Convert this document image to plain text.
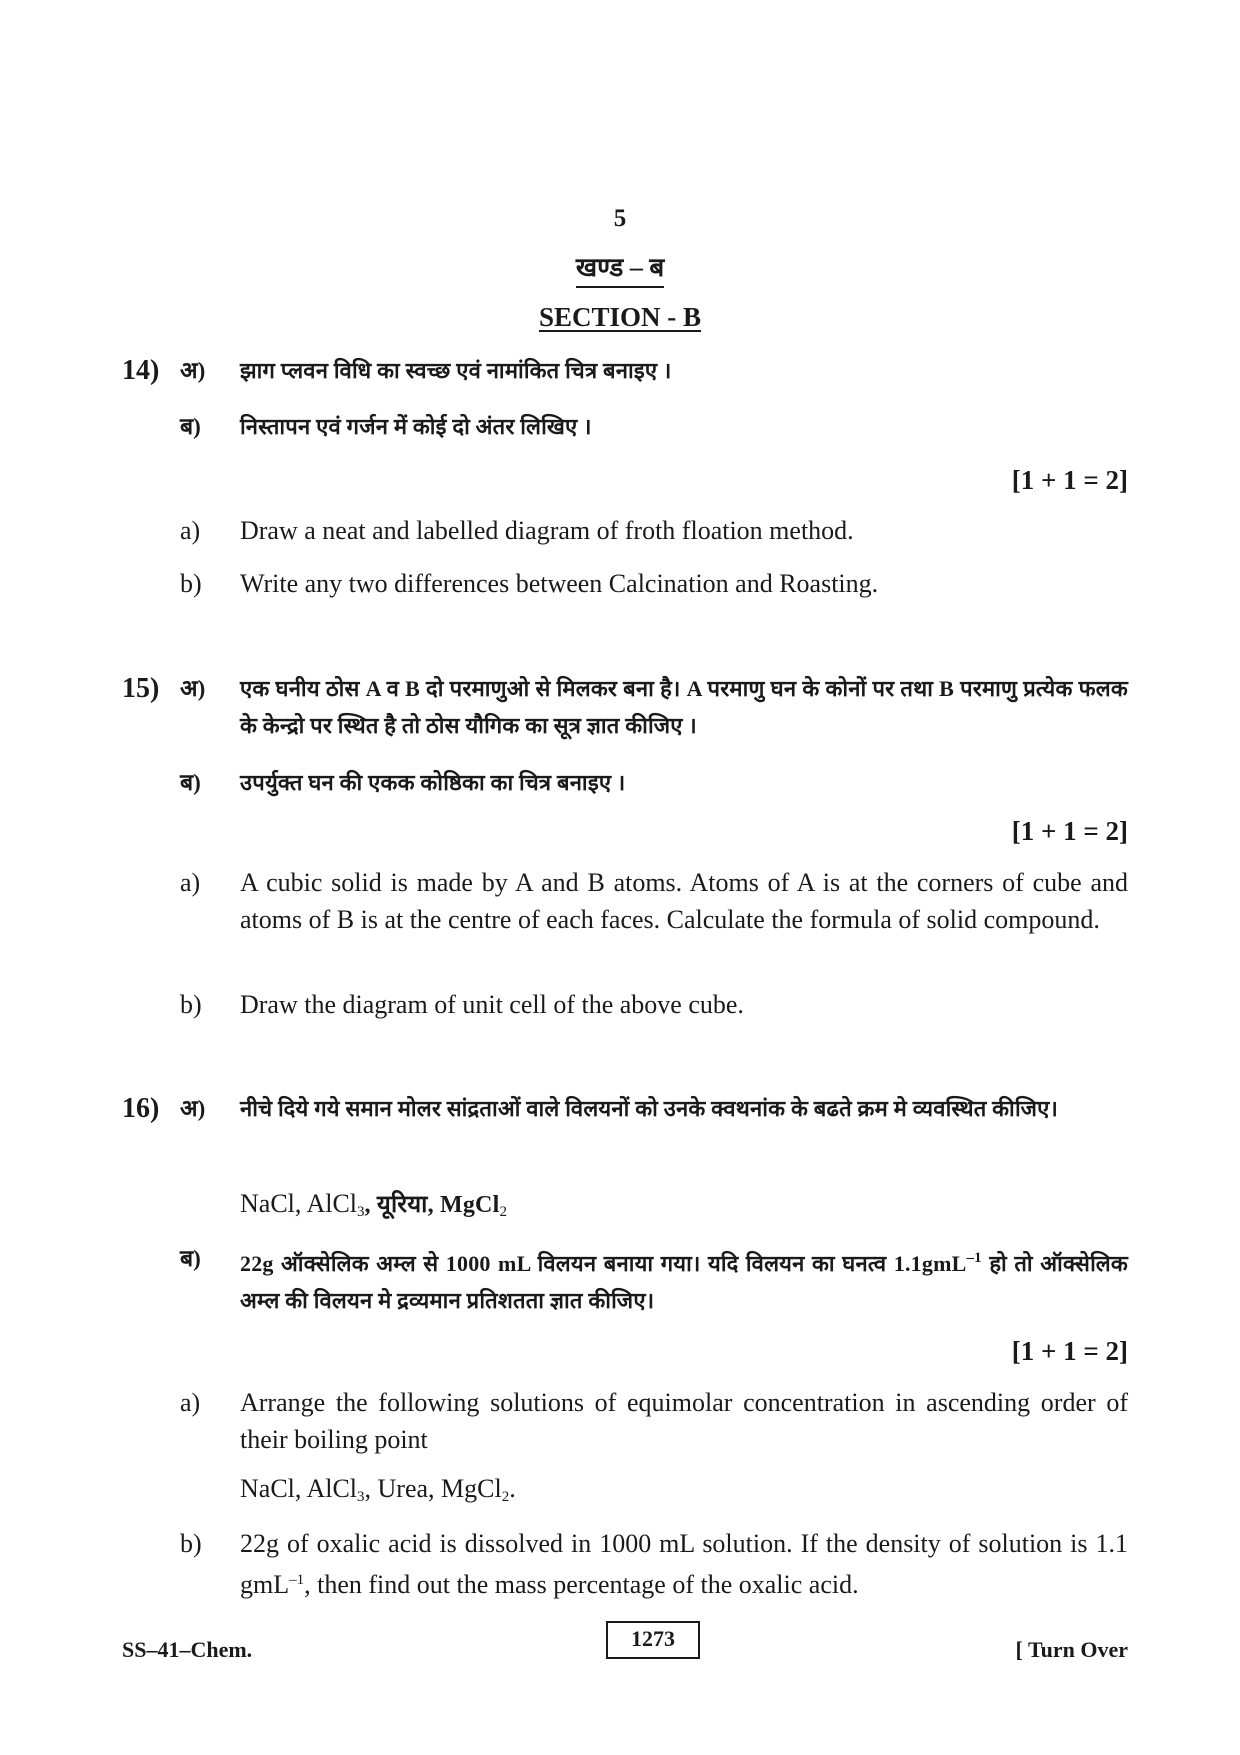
5
खण्ड – ब
SECTION - B
14) अ) झाग प्लवन विधि का स्वच्छ एवं नामांकित चित्र बनाइए ।
ब) निस्तापन एवं गर्जन में कोई दो अंतर लिखिए ।
[1 + 1 = 2]
a) Draw a neat and labelled diagram of froth floation method.
b) Write any two differences between Calcination and Roasting.
15) अ) एक घनीय ठोस A व B दो परमाणुओ से मिलकर बना है। A परमाणु घन के कोनों पर तथा B परमाणु प्रत्येक फलक के केन्द्रो पर स्थित है तो ठोस यौगिक का सूत्र ज्ञात कीजिए ।
ब) उपर्युक्त घन की एकक कोष्ठिका का चित्र बनाइए ।
[1 + 1 = 2]
a) A cubic solid is made by A and B atoms. Atoms of A is at the corners of cube and atoms of B is at the centre of each faces. Calculate the formula of solid compound.
b) Draw the diagram of unit cell of the above cube.
16) अ) नीचे दिये गये समान मोलर सांद्रताओं वाले विलयनों को उनके क्वथनांक के बढते क्रम मे व्यवस्थित कीजिए।
NaCl, AlCl$_3$, यूरिया, MgCl$_2$
ब) 22g ऑक्सेलिक अम्ल से 1000 mL विलयन बनाया गया। यदि विलयन का घनत्व 1.1gmL$^{-1}$ हो तो ऑक्सेलिक अम्ल की विलयन मे द्रव्यमान प्रतिशतता ज्ञात कीजिए।
[1 + 1 = 2]
a) Arrange the following solutions of equimolar concentration in ascending order of their boiling point
NaCl, AlCl$_3$, Urea, MgCl$_2$.
b) 22g of oxalic acid is dissolved in 1000 mL solution. If the density of solution is 1.1 gmL$^{-1}$, then find out the mass percentage of the oxalic acid.
SS–41–Chem.	1273	[ Turn Over
